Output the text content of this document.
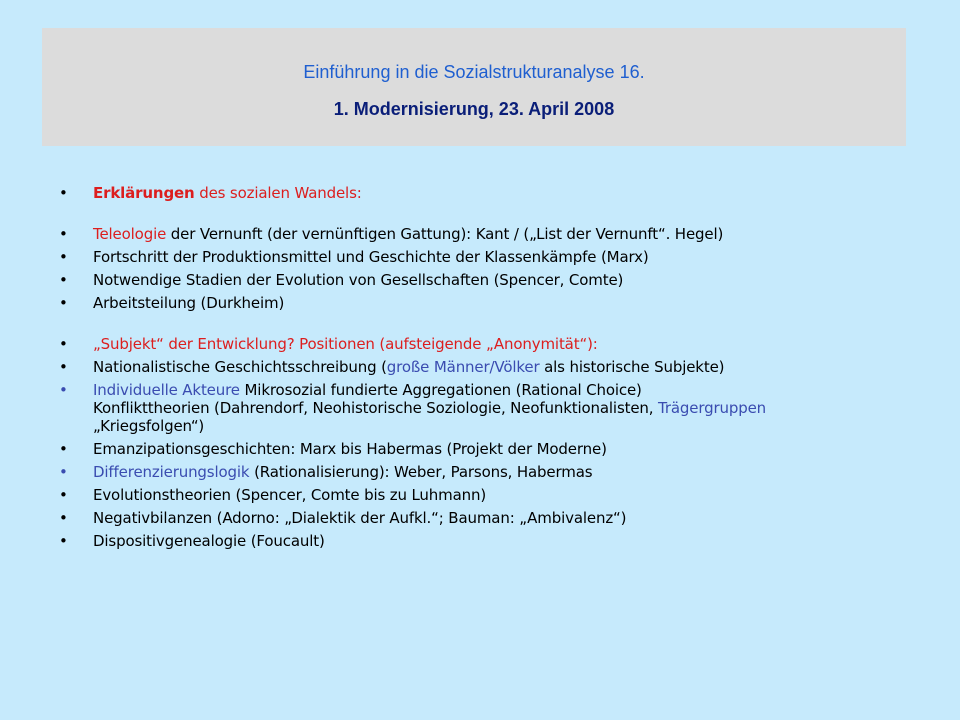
Einführung in die Sozialstrukturanalyse 16.
1. Modernisierung, 23. April 2008
• Erklärungen des sozialen Wandels:
• Teleologie der Vernunft (der vernünftigen Gattung): Kant / („List der Vernunft“. Hegel)
• Fortschritt der Produktionsmittel und Geschichte der Klassenkämpfe (Marx)
• Notwendige Stadien der Evolution von Gesellschaften (Spencer, Comte)
• Arbeitsteilung (Durkheim)
• „Subjekt“ der Entwicklung? Positionen (aufsteigende „Anonymität“):
• Nationalistische Geschichtsschreibung (große Männer/Völker als historische Subjekte)
• Individuelle Akteure Mikrosozial fundierte Aggregationen (Rational Choice)
Konflikttheorien (Dahrendorf, Neohistorische Soziologie, Neofunktionalisten, Trägergruppen
„Kriegsfolgen“)
• Emanzipationsgeschichten: Marx bis Habermas (Projekt der Moderne)
• Differenzierungslogik (Rationalisierung): Weber, Parsons, Habermas
• Evolutionstheorien (Spencer, Comte bis zu Luhmann)
• Negativbilanzen (Adorno: „Dialektik der Aufkl.“; Bauman: „Ambivalenz“)
• Dispositivgenealogie (Foucault)
